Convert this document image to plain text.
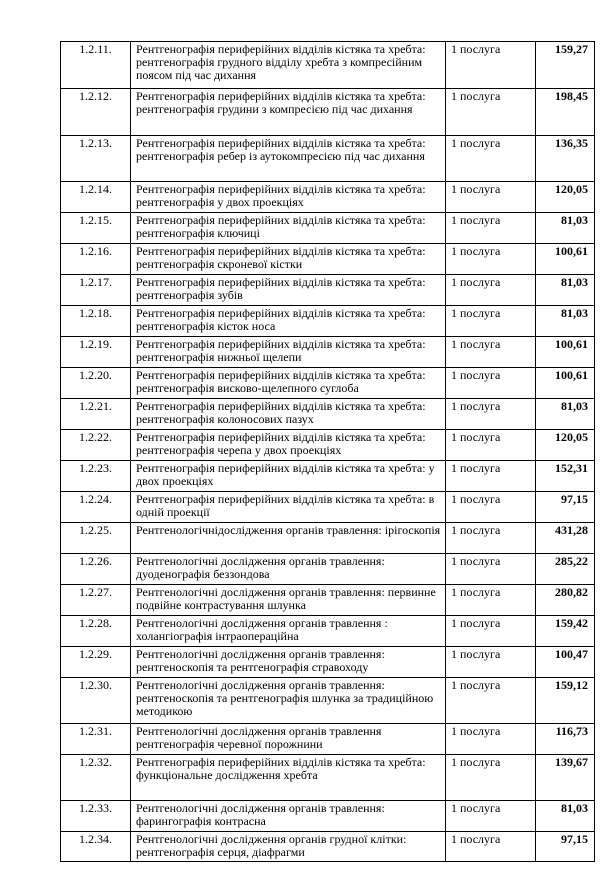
1.2.11.	Рентгенографія периферійних відділів кістяка та хребта: рентгенографія грудного відділу хребта з компресійним поясом під час дихання	1 послуга	159,27
1.2.12.	Рентгенографія периферійних відділів кістяка та хребта: рентгенографія грудини з компресією під час дихання	1 послуга	198,45
1.2.13.	Рентгенографія периферійних відділів кістяка та хребта: рентгенографія ребер із аутокомпресією під час дихання	1 послуга	136,35
1.2.14.	Рентгенографія периферійних відділів кістяка та хребта: рентгенографія у двох проекціях	1 послуга	120,05
1.2.15.	Рентгенографія периферійних відділів кістяка та хребта: рентгенографія ключиці	1 послуга	81,03
1.2.16.	Рентгенографія периферійних відділів кістяка та хребта: рентгенографія скроневої кістки	1 послуга	100,61
1.2.17.	Рентгенографія периферійних відділів кістяка та хребта: рентгенографія зубів	1 послуга	81,03
1.2.18.	Рентгенографія периферійних відділів кістяка та хребта: рентгенографія кісток носа	1 послуга	81,03
1.2.19.	Рентгенографія периферійних відділів кістяка та хребта: рентгенографія нижньої щелепи	1 послуга	100,61
1.2.20.	Рентгенографія периферійних відділів кістяка та хребта: рентгенографія висково-щелепного суглоба	1 послуга	100,61
1.2.21.	Рентгенографія периферійних відділів кістяка та хребта: рентгенографія колоносових пазух	1 послуга	81,03
1.2.22.	Рентгенографія периферійних відділів кістяка та хребта: рентгенографія черепа у двох проекціях	1 послуга	120,05
1.2.23.	Рентгенографія периферійних відділів кістяка та хребта: у двох проекціях	1 послуга	152,31
1.2.24.	Рентгенографія периферійних відділів кістяка та хребта: в одній проекції	1 послуга	97,15
1.2.25.	Рентгенологічнідослідження органів травлення: ірігоскопія	1 послуга	431,28
1.2.26.	Рентгенологічні дослідження органів травлення: дуоденографія беззондова	1 послуга	285,22
1.2.27.	Рентгенологічні дослідження органів травлення: первинне подвійне контрастування шлунка	1 послуга	280,82
1.2.28.	Рентгенологічні дослідження органів травлення : холангіографія інтраопераційна	1 послуга	159,42
1.2.29.	Рентгенологічні дослідження органів травлення: рентгеноскопія та рентгенографія стравоходу	1 послуга	100,47
1.2.30.	Рентгенологічні дослідження органів травлення: рентгеноскопія та рентгенографія шлунка за традиційною методикою	1 послуга	159,12
1.2.31.	Рентгенологічні дослідження органів травлення рентгенографія черевної порожнини	1 послуга	116,73
1.2.32.	Рентгенографія периферійних відділів кістяка та хребта: функціональне дослідження хребта	1 послуга	139,67
1.2.33.	Рентгенологічні дослідження органів травлення: фарингографія контрасна	1 послуга	81,03
1.2.34.	Рентгенологічні дослідження органів грудної клітки: рентгенографія серця, діафрагми	1 послуга	97,15
